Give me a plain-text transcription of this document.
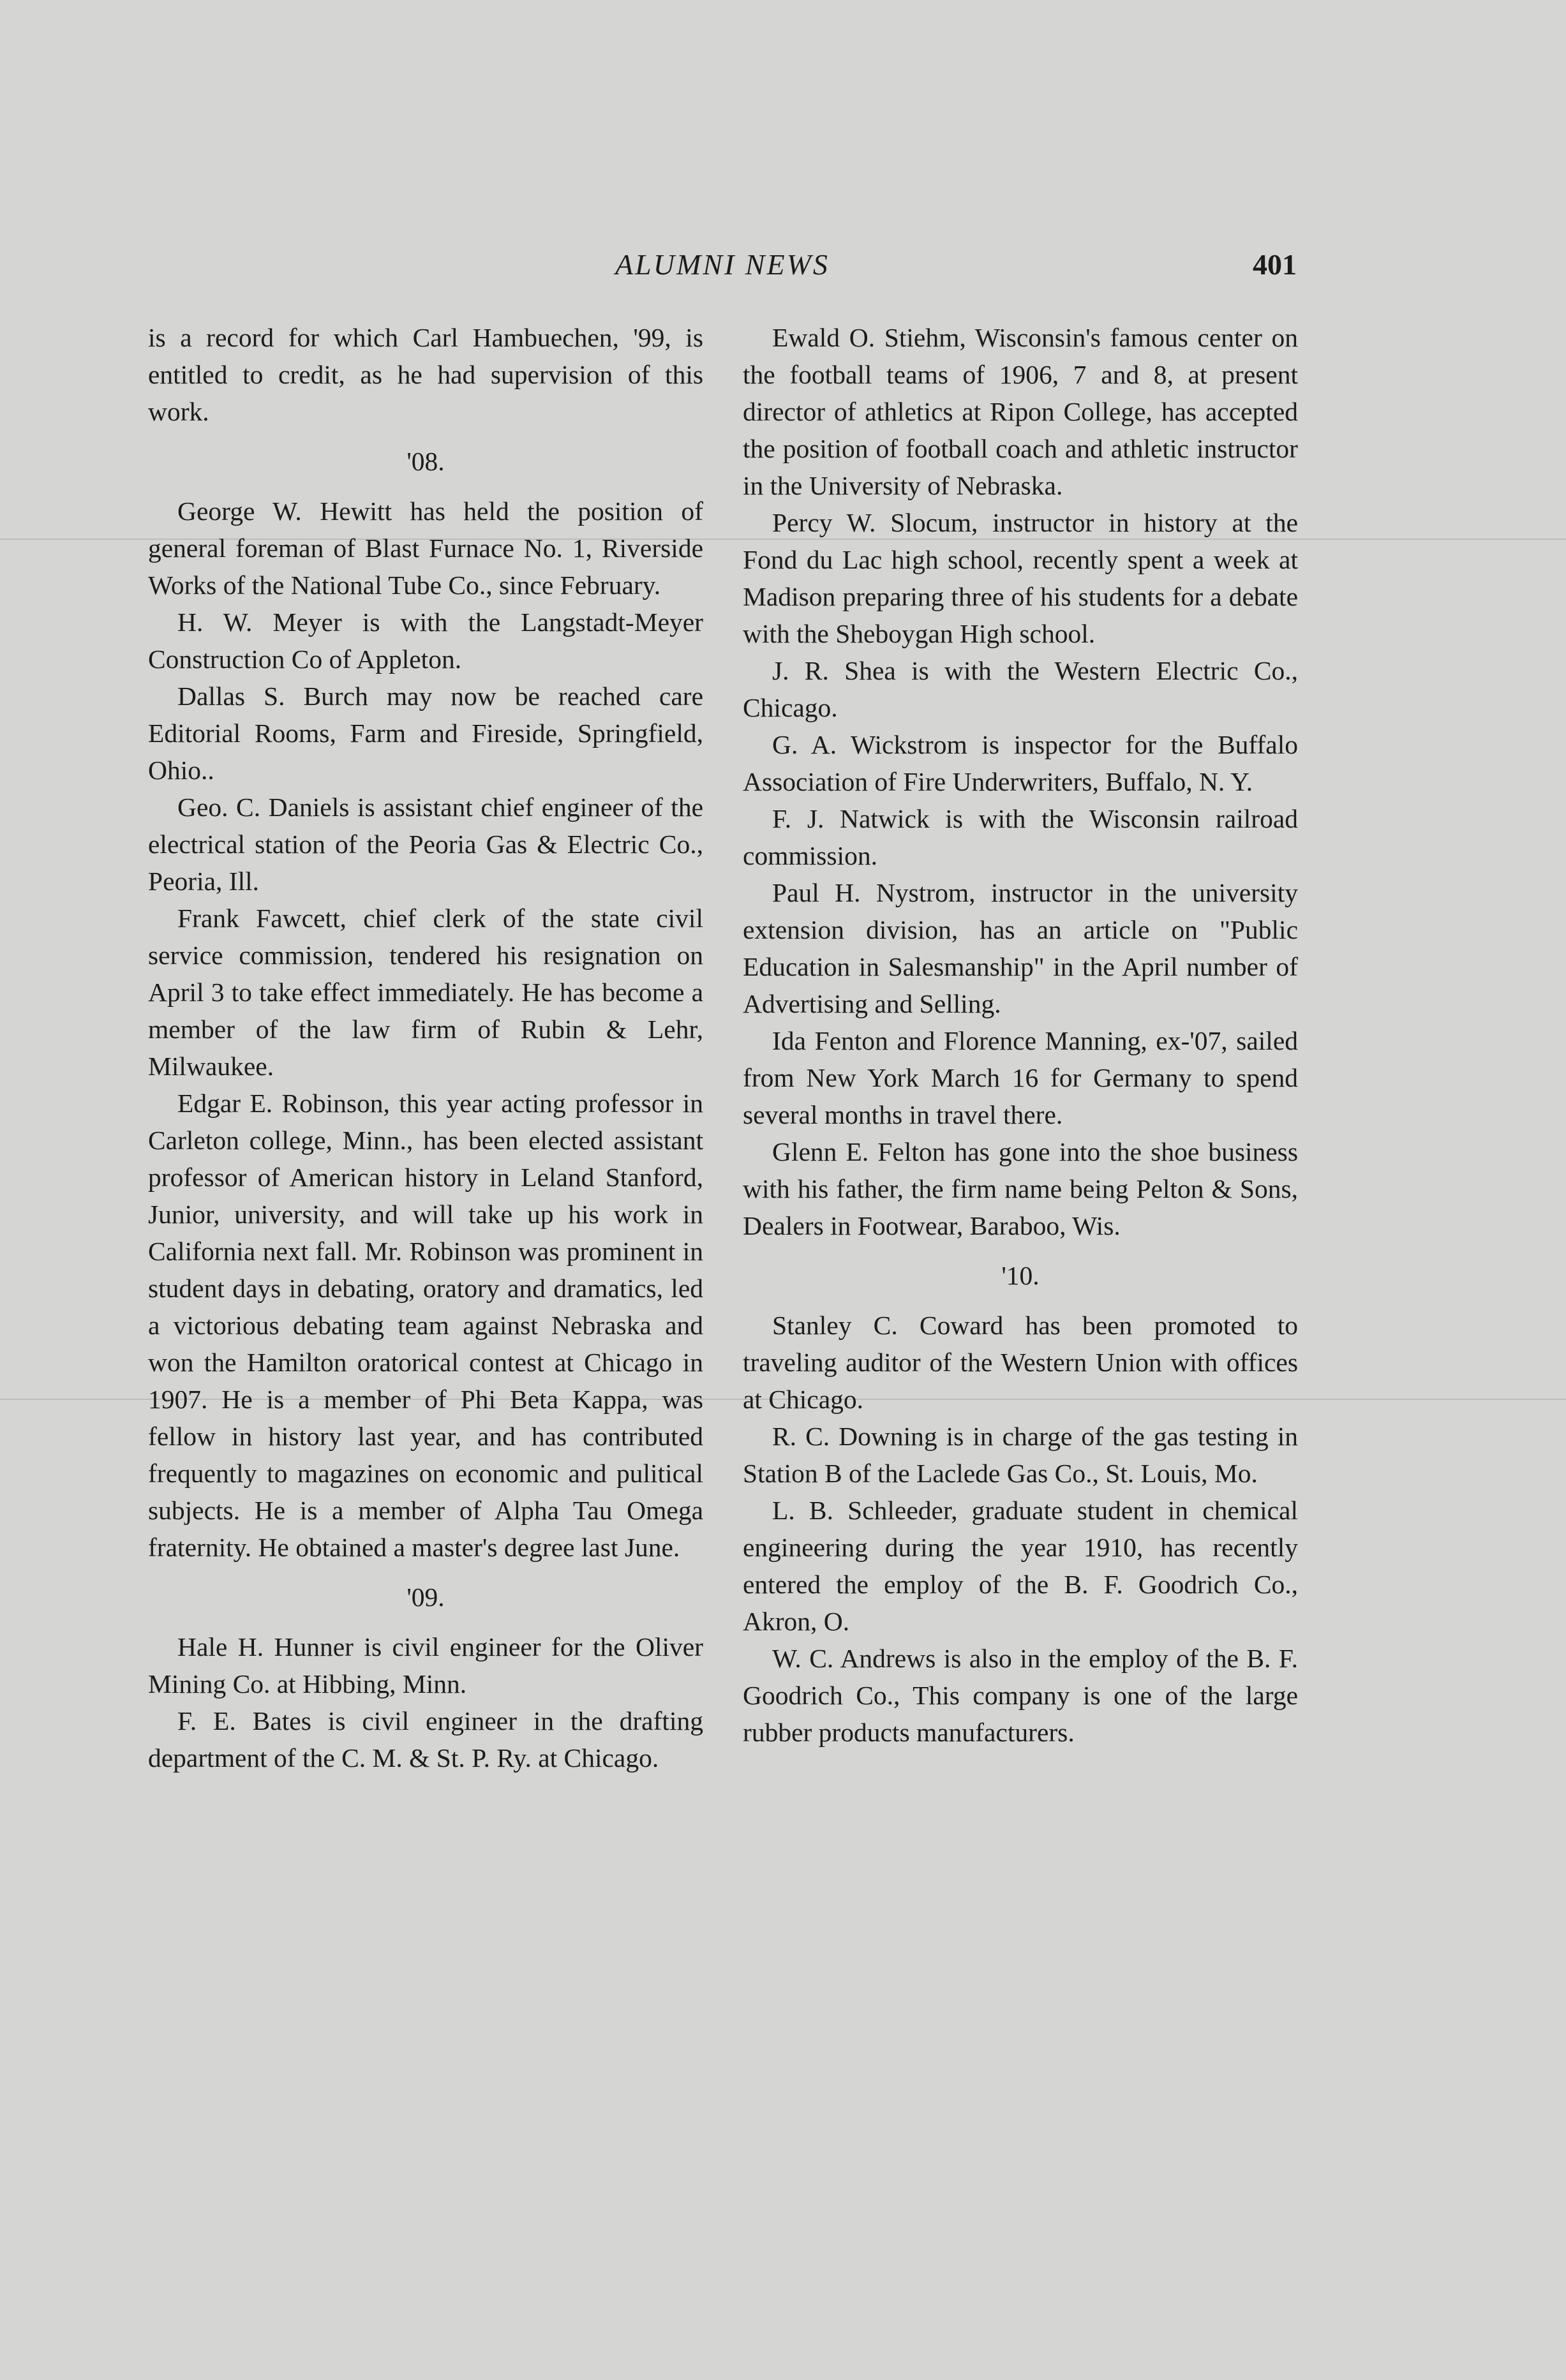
ALUMNI NEWS	401

is a record for which Carl Hambuechen, '99, is entitled to credit, as he had supervision of this work.

'08.

George W. Hewitt has held the position of general foreman of Blast Furnace No. 1, Riverside Works of the National Tube Co., since February.

H. W. Meyer is with the Langstadt-Meyer Construction Co of Appleton.

Dallas S. Burch may now be reached care Editorial Rooms, Farm and Fireside, Springfield, Ohio..

Geo. C. Daniels is assistant chief engineer of the electrical station of the Peoria Gas & Electric Co., Peoria, Ill.

Frank Fawcett, chief clerk of the state civil service commission, tendered his resignation on April 3 to take effect immediately. He has become a member of the law firm of Rubin & Lehr, Milwaukee.

Edgar E. Robinson, this year acting professor in Carleton college, Minn., has been elected assistant professor of American history in Leland Stanford, Junior, university, and will take up his work in California next fall. Mr. Robinson was prominent in student days in debating, oratory and dramatics, led a victorious debating team against Nebraska and won the Hamilton oratorical contest at Chicago in 1907. He is a member of Phi Beta Kappa, was fellow in history last year, and has contributed frequently to magazines on economic and pulitical subjects. He is a member of Alpha Tau Omega fraternity. He obtained a master's degree last June.

'09.

Hale H. Hunner is civil engineer for the Oliver Mining Co. at Hibbing, Minn.

F. E. Bates is civil engineer in the drafting department of the C. M. & St. P. Ry. at Chicago.

Ewald O. Stiehm, Wisconsin's famous center on the football teams of 1906, 7 and 8, at present director of athletics at Ripon College, has accepted the position of football coach and athletic instructor in the University of Nebraska.

Percy W. Slocum, instructor in history at the Fond du Lac high school, recently spent a week at Madison preparing three of his students for a debate with the Sheboygan High school.

J. R. Shea is with the Western Electric Co., Chicago.

G. A. Wickstrom is inspector for the Buffalo Association of Fire Underwriters, Buffalo, N. Y.

F. J. Natwick is with the Wisconsin railroad commission.

Paul H. Nystrom, instructor in the university extension division, has an article on "Public Education in Salesmanship" in the April number of Advertising and Selling.

Ida Fenton and Florence Manning, ex-'07, sailed from New York March 16 for Germany to spend several months in travel there.

Glenn E. Felton has gone into the shoe business with his father, the firm name being Pelton & Sons, Dealers in Footwear, Baraboo, Wis.

'10.

Stanley C. Coward has been promoted to traveling auditor of the Western Union with offices at Chicago.

R. C. Downing is in charge of the gas testing in Station B of the Laclede Gas Co., St. Louis, Mo.

L. B. Schleeder, graduate student in chemical engineering during the year 1910, has recently entered the employ of the B. F. Goodrich Co., Akron, O.

W. C. Andrews is also in the employ of the B. F. Goodrich Co., This company is one of the large rubber products manufacturers.
